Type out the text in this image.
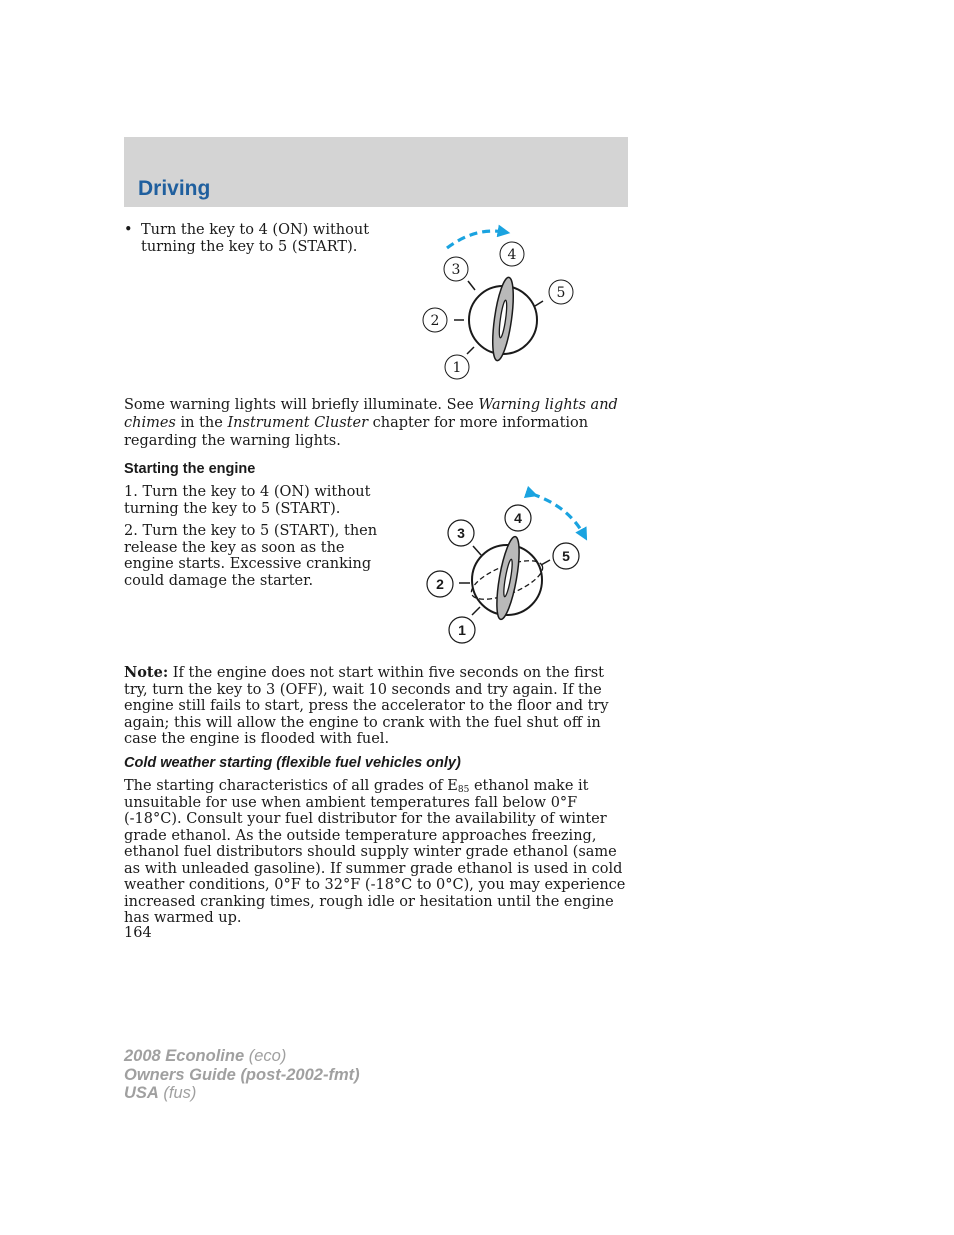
Driving
• Turn the key to 4 (ON) without turning the key to 5 (START).
3
4
5
2
1
Some warning lights will briefly illuminate. See Warning lights and chimes in the Instrument Cluster chapter for more information regarding the warning lights.
Starting the engine

1. Turn the key to 4 (ON) without turning the key to 5 (START).

2. Turn the key to 5 (START), then release the key as soon as the engine starts. Excessive cranking could damage the starter.

3
4
5
2
1
Note: If the engine does not start within five seconds on the first try, turn the key to 3 (OFF), wait 10 seconds and try again. If the engine still fails to start, press the accelerator to the floor and try again; this will allow the engine to crank with the fuel shut off in case the engine is flooded with fuel.
Cold weather starting (flexible fuel vehicles only)
The starting characteristics of all grades of $E_{85}$ ethanol make it unsuitable for use when ambient temperatures fall below 0°F (-18°C). Consult your fuel distributor for the availability of winter grade ethanol. As the outside temperature approaches freezing, ethanol fuel distributors should supply winter grade ethanol (same as with unleaded gasoline). If summer grade ethanol is used in cold weather conditions, 0°F to 32°F (-18°C to 0°C), you may experience increased cranking times, rough idle or hesitation until the engine has warmed up.
164
2008 Econoline (eco)
Owners Guide (post-2002-fmt)
USA (fus)
